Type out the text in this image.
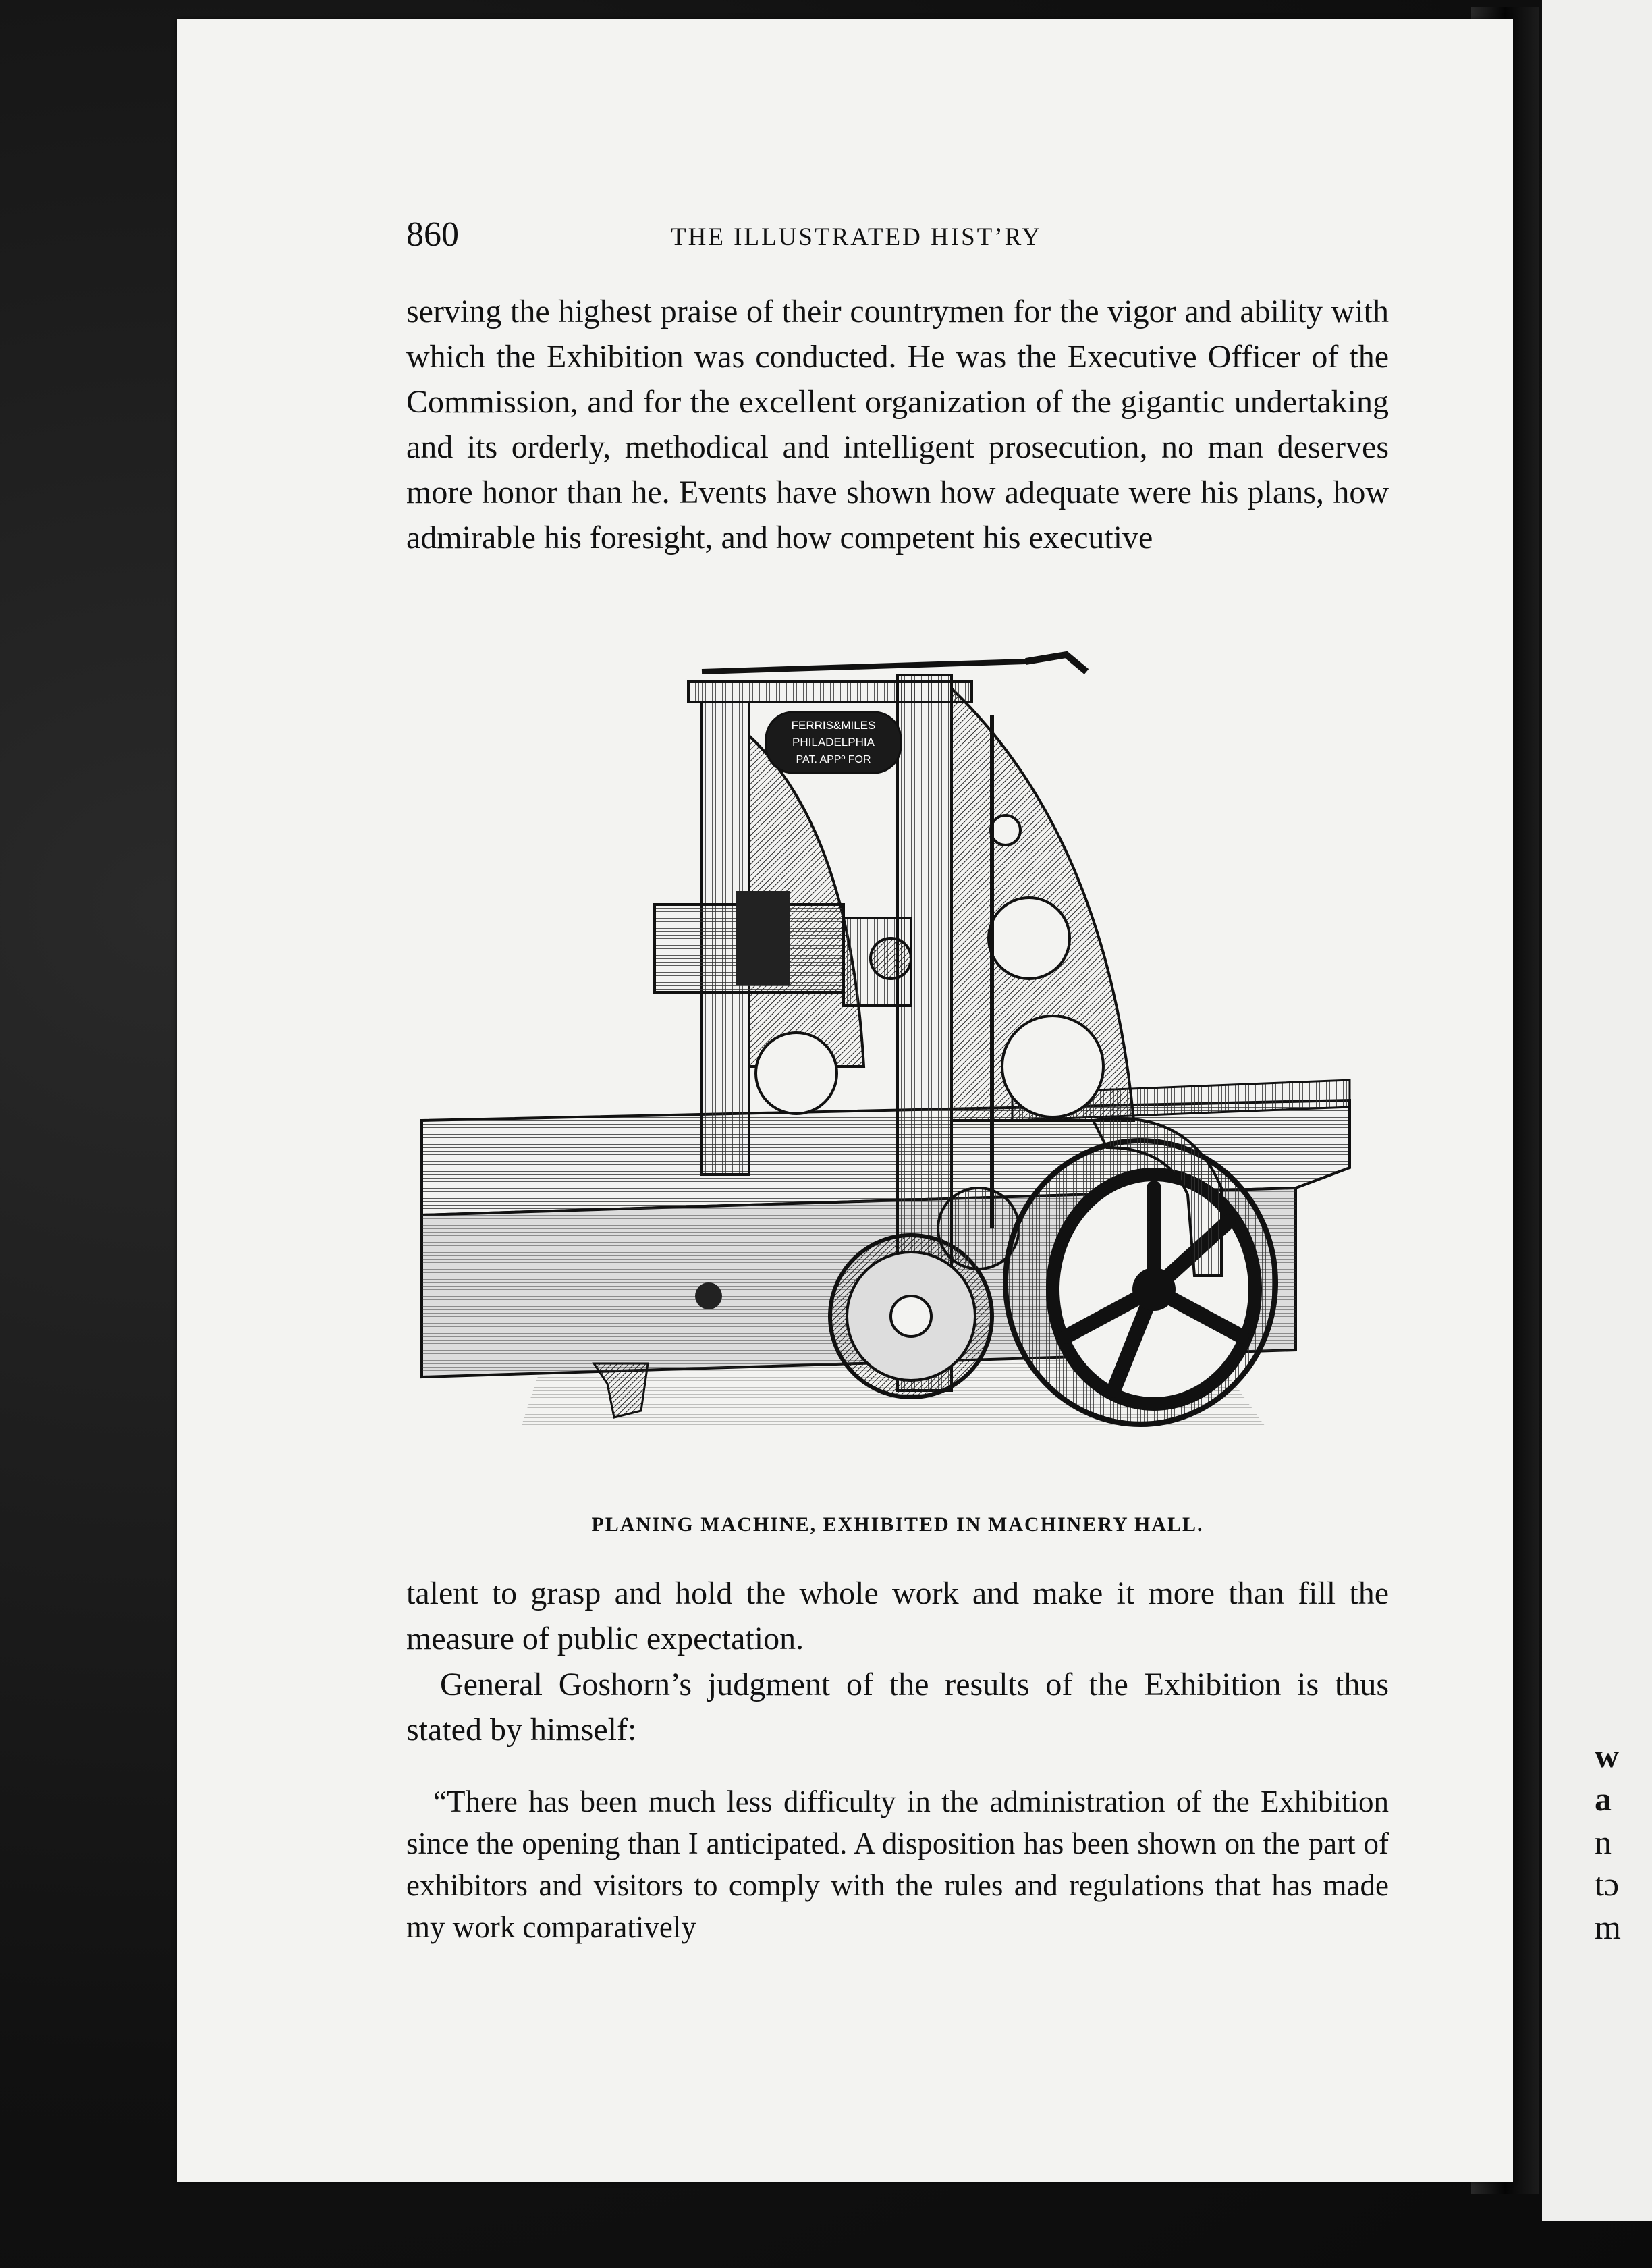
w
a
n
tɔ
m
860	THE ILLUSTRATED HIST’RY

serving the highest praise of their countrymen for the vigor and ability with which the Exhibition was conducted. He was the Executive Officer of the Commission, and for the excellent organization of the gigantic undertaking and its orderly, methodical and intelligent prosecution, no man deserves more honor than he. Events have shown how adequate were his plans, how admirable his foresight, and how competent his executive

FERRIS&MILES
PHILADELPHIA
PAT. APPº FOR
PLANING MACHINE, EXHIBITED IN MACHINERY HALL.

talent to grasp and hold the whole work and make it more than fill the measure of public expectation.

General Goshorn’s judgment of the results of the Exhibition is thus stated by himself:

“There has been much less difficulty in the administration of the Exhibition since the opening than I anticipated. A disposition has been shown on the part of exhibitors and visitors to comply with the rules and regulations that has made my work comparatively
